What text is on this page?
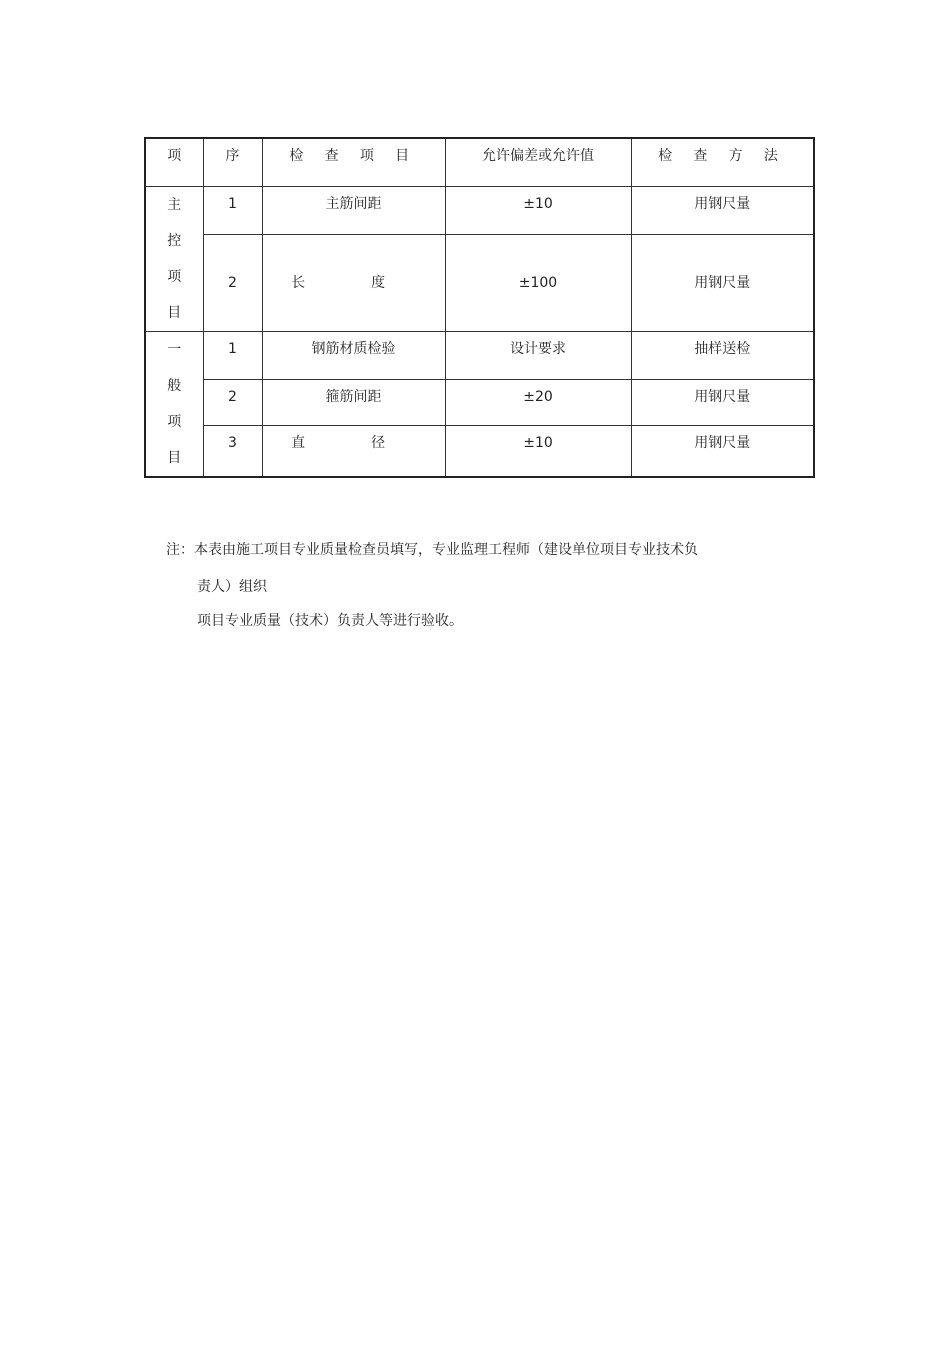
项	序	检 查 项 目	允许偏差或允许值	检 查 方 法

主控项目	1	主筋间距	±10	用钢尺量
	2	长 度	±100	用钢尺量

一般项目	1	钢筋材质检验	设计要求	抽样送检
	2	箍筋间距	±20	用钢尺量
	3	直 径	±10	用钢尺量
注：本表由施工项目专业质量检查员填写，专业监理工程师（建设单位项目专业技术负
责人）组织
项目专业质量（技术）负责人等进行验收。
